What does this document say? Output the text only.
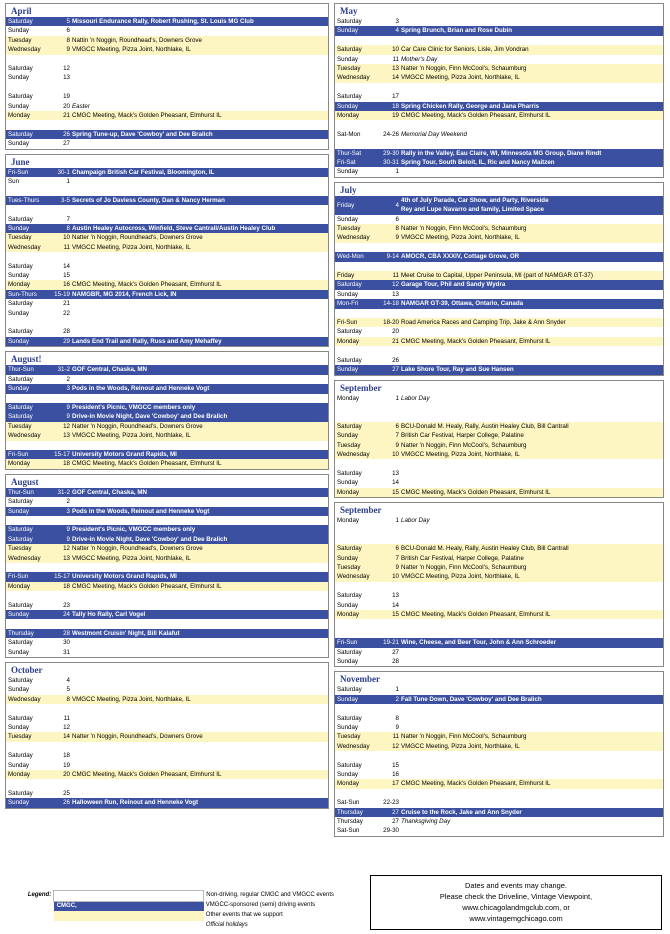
April
Saturday	5	Missouri Endurance Rally, Robert Rushing, St. Louis MG Club
Sunday	6	
Tuesday	8	Nattin 'n Noggin, Roundhead's, Downers Grove
Wednesday	9	VMGCC Meeting, Pizza Joint, Northlake, IL

Saturday	12	
Sunday	13	

Saturday	19	
Sunday	20	Easter
Monday	21	CMGC Meeting, Mack's Golden Pheasant, Elmhurst IL

Saturday	26	Spring Tune-up, Dave 'Cowboy' and Dee Bralich
Sunday	27	
June
Fri-Sun	30-1	Champaign British Car Festival, Bloomington, IL
Sun	1	

Tues-Thurs	3-5	Secrets of Jo Daviess County, Dan & Nancy Herman

Saturday	7	
Sunday	8	Austin Healey Autocross, Winfield, Steve Cantrall/Austin Healey Club
Tuesday	10	Natter 'n Noggin, Roundhead's, Downers Grove
Wednesday	11	VMGCC Meeting, Pizza Joint, Northlake, IL

Saturday	14	
Sunday	15	
Monday	16	CMGC Meeting, Mack's Golden Pheasant, Elmhurst IL
Sun-Thurs	15-19	NAMGBR, MG 2014, French Lick, IN
Saturday	21	
Sunday	22	

Saturday	28	
Sunday	29	Lands End Trail and Rally, Russ and Amy Mehaffey
August!
Thur-Sun	31-2	GOF Central, Chaska, MN
Saturday	2	
Sunday	3	Pods in the Woods, Reinout and Henneke Vogt

Saturday	9	President's Picnic, VMGCC members only
Saturday	9	Drive-in Movie Night, Dave 'Cowboy' and Dee Bralich
Tuesday	12	Natter 'n Noggin, Roundhead's, Downers Grove
Wednesday	13	VMGCC Meeting, Pizza Joint, Northlake, IL

Fri-Sun	15-17	University Motors Grand Rapids, MI
Monday	18	CMGC Meeting, Mack's Golden Pheasant, Elmhurst IL
August
Thur-Sun	31-2	GOF Central, Chaska, MN
Saturday	2	
Sunday	3	Pods in the Woods, Reinout and Henneke Vogt

Saturday	9	President's Picnic, VMGCC members only
Saturday	9	Drive-in Movie Night, Dave 'Cowboy' and Dee Bralich
Tuesday	12	Natter 'n Noggin, Roundhead's, Downers Grove
Wednesday	13	VMGCC Meeting, Pizza Joint, Northlake, IL

Fri-Sun	15-17	University Motors Grand Rapids, MI
Monday	18	CMGC Meeting, Mack's Golden Pheasant, Elmhurst IL

Saturday	23	
Sunday	24	Tally Ho Rally, Carl Vogel

Thursday	28	Westmont Cruisin' Night, Bill Kalafut
Saturday	30	
Sunday	31	
October
Saturday	4	
Sunday	5	
Wednesday	8	VMGCC Meeting, Pizza Joint, Northlake, IL

Saturday	11	
Sunday	12	
Tuesday	14	Natter 'n Noggin, Roundhead's, Downers Grove

Saturday	18	
Sunday	19	
Monday	20	CMGC Meeting, Mack's Golden Pheasant, Elmhurst IL

Saturday	25	
Sunday	26	Halloween Run, Reinout and Henneke Vogt
May
Saturday	3	
Sunday	4	Spring Brunch, Brian and Rose Dubin

Saturday	10	Car Care Clinic for Seniors, Lisle, Jim Vondran
Sunday	11	Mother's Day
Tuesday	13	Natter 'n Noggin, Finn McCool's, Schaumburg
Wednesday	14	VMGCC Meeting, Pizza Joint, Northlake, IL

Saturday	17	
Sunday	18	Spring Chicken Rally, George and Jana Pharris
Monday	19	CMGC Meeting, Mack's Golden Pheasant, Elmhurst IL

Sat-Mon	24-26	Memorial Day Weekend

Thur-Sat	29-30	Rally in the Valley, Eau Claire, WI, Minnesota MG Group, Diane Rindt
Fri-Sat	30-31	Spring Tour, South Beloit, IL, Ric and Nancy Maitzen
Sunday	1	
July
Friday	4	4th of July Parade, Car Show, and Party, Riverside
Rey and Lupe Navarro and family, Limited Space
Sunday	6	
Tuesday	8	Natter 'n Noggin, Finn McCool's, Schaumburg
Wednesday	9	VMGCC Meeting, Pizza Joint, Northlake, IL

Wed-Mon	9-14	AMOCR, CBA XXXIV, Cottage Grove, OR

Friday	11	Meet Cruise to Capital, Upper Peninsula, MI (part of NAMGAR GT-37)
Saturday	12	Garage Tour, Phil and Sandy Wydra
Sunday	13	
Mon-Fri	14-18	NAMGAR GT-39, Ottawa, Ontario, Canada

Fri-Sun	18-20	Road America Races and Camping Trip, Jake & Ann Snyder
Saturday	20	
Monday	21	CMGC Meeting, Mack's Golden Pheasant, Elmhurst IL

Saturday	26	
Sunday	27	Lake Shore Tour, Ray and Sue Hansen
September
Monday	1	Labor Day

Saturday	6	BCU-Donald M. Healy, Rally, Austin Healey Club, Bill Cantrall
Sunday	7	British Car Festival, Harper College, Palatine
Tuesday	9	Natter 'n Noggin, Finn McCool's, Schaumburg
Wednesday	10	VMGCC Meeting, Pizza Joint, Northlake, IL

Saturday	13	
Sunday	14	
Monday	15	CMGC Meeting, Mack's Golden Pheasant, Elmhurst IL
September
Monday	1	Labor Day

Saturday	6	BCU-Donald M. Healy, Rally, Austin Healey Club, Bill Cantrall
Sunday	7	British Car Festival, Harper College, Palatine
Tuesday	9	Natter 'n Noggin, Finn McCool's, Schaumburg
Wednesday	10	VMGCC Meeting, Pizza Joint, Northlake, IL

Saturday	13	
Sunday	14	
Monday	15	CMGC Meeting, Mack's Golden Pheasant, Elmhurst IL

Fri-Sun	19-21	Wine, Cheese, and Beer Tour, John & Ann Schroeder
Saturday	27	
Sunday	28	
November
Saturday	1	
Sunday	2	Fall Tune Down, Dave 'Cowboy' and Dee Bralich

Saturday	8	
Sunday	9	
Tuesday	11	Natter 'n Noggin, Finn McCool's, Schaumburg
Wednesday	12	VMGCC Meeting, Pizza Joint, Northlake, IL

Saturday	15	
Sunday	16	
Monday	17	CMGC Meeting, Mack's Golden Pheasant, Elmhurst IL

Sat-Sun	22-23	
Thursday	27	Cruise to the Rock, Jake and Ann Snyder
Thursday	27	Thanksgiving Day
Sat-Sun	29-30	
Legend:		Non-driving, regular CMGC and VMGCC events
	CMGC,	VMGCC-sponsored (semi) driving events
		Other events that we support
		Official holidays
Dates and events may change.
Please check the Driveline, Vintage Viewpoint,
www.chicagolandmgclub.com, or
www.vintagemgchicago.com
